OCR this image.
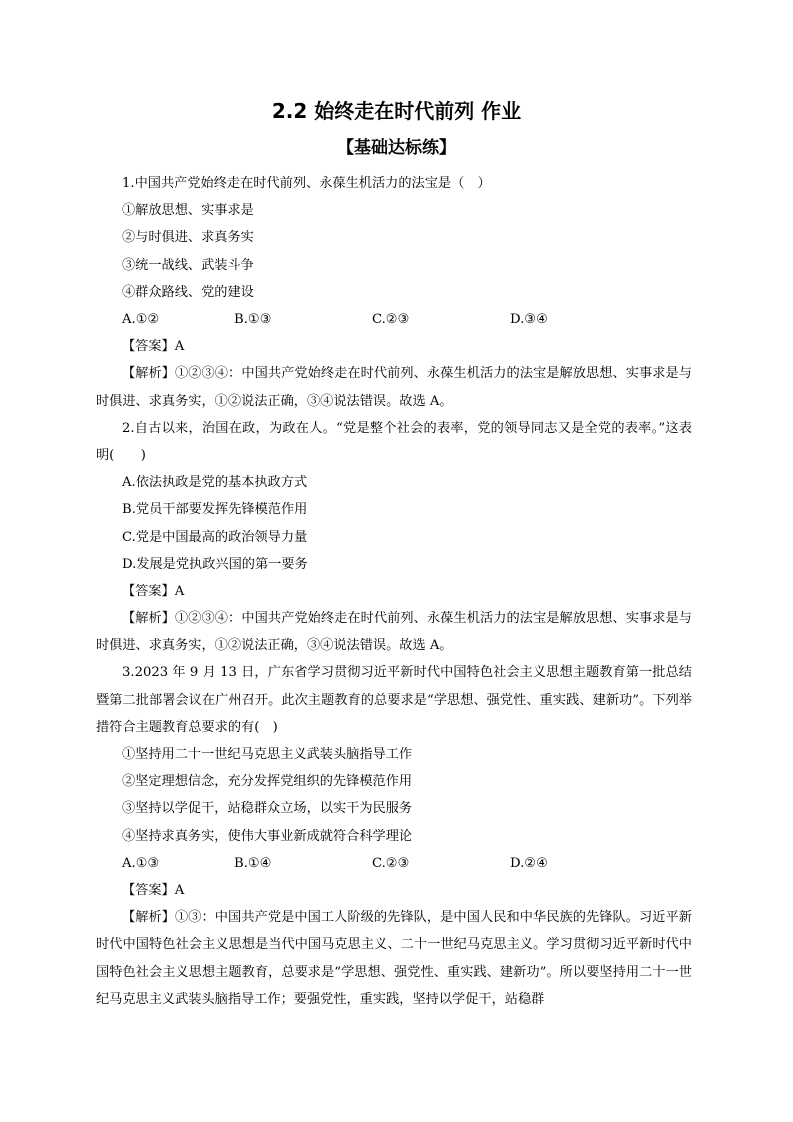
2.2 始终走在时代前列 作业
【基础达标练】

1.中国共产党始终走在时代前列、永葆生机活力的法宝是（　）

①解放思想、实事求是

②与时俱进、求真务实

③统一战线、武装斗争

④群众路线、党的建设

A.①②	B.①③	C.②③	D.③④

【答案】A

【解析】①②③④：中国共产党始终走在时代前列、永葆生机活力的法宝是解放思想、实事求是与时俱进、求真务实，①②说法正确，③④说法错误。故选 A。

2.自古以来，治国在政，为政在人。“党是整个社会的表率，党的领导同志又是全党的表率。”这表明(　　)

A.依法执政是党的基本执政方式

B.党员干部要发挥先锋模范作用

C.党是中国最高的政治领导力量

D.发展是党执政兴国的第一要务

【答案】A

【解析】①②③④：中国共产党始终走在时代前列、永葆生机活力的法宝是解放思想、实事求是与时俱进、求真务实，①②说法正确，③④说法错误。故选 A。

3.2023 年 9 月 13 日，广东省学习贯彻习近平新时代中国特色社会主义思想主题教育第一批总结暨第二批部署会议在广州召开。此次主题教育的总要求是“学思想、强党性、重实践、建新功”。下列举措符合主题教育总要求的有(　)

①坚持用二十一世纪马克思主义武装头脑指导工作

②坚定理想信念，充分发挥党组织的先锋模范作用

③坚持以学促干，站稳群众立场，以实干为民服务

④坚持求真务实，使伟大事业新成就符合科学理论

A.①③	B.①④	C.②③	D.②④

【答案】A

【解析】①③：中国共产党是中国工人阶级的先锋队，是中国人民和中华民族的先锋队。习近平新时代中国特色社会主义思想是当代中国马克思主义、二十一世纪马克思主义。学习贯彻习近平新时代中国特色社会主义思想主题教育，总要求是“学思想、强党性、重实践、建新功”。所以要坚持用二十一世纪马克思主义武装头脑指导工作；要强党性，重实践，坚持以学促干，站稳群
